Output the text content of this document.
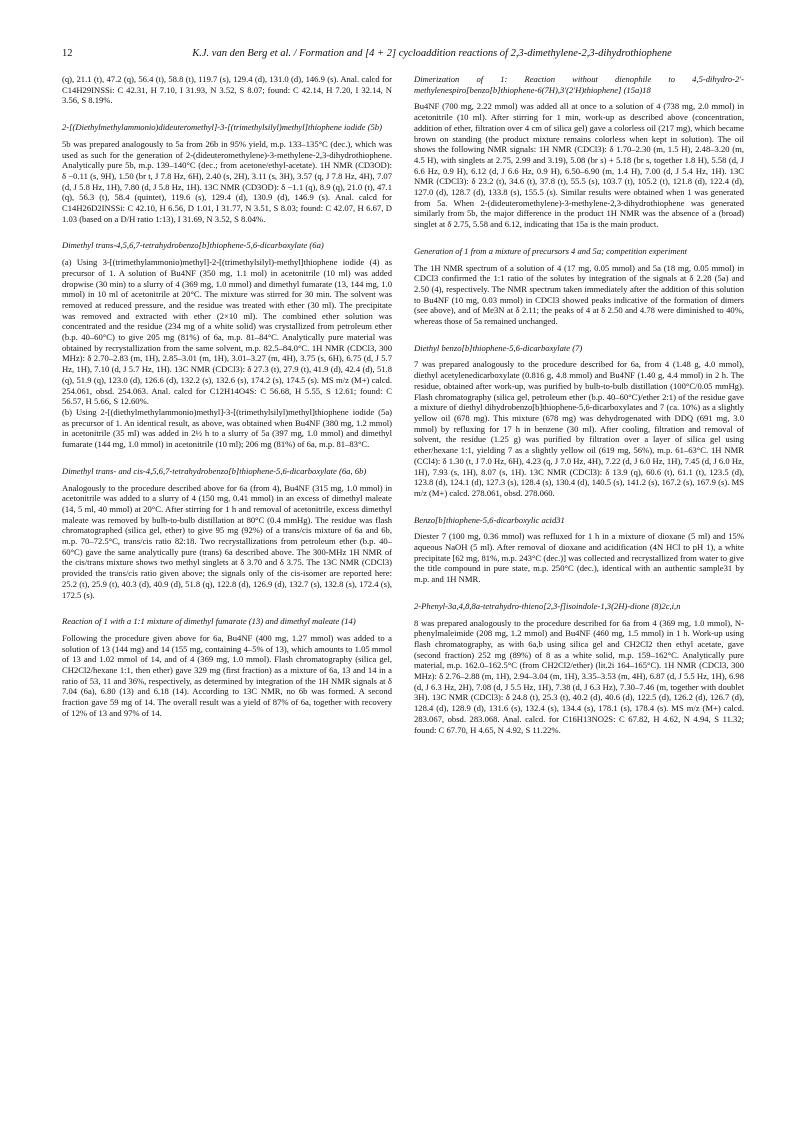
12	K.J. van den Berg et al. / Formation and [4 + 2] cycloaddition reactions of 2,3-dimethylene-2,3-dihydrothiophene

(q), 21.1 (t), 47.2 (q), 56.4 (t), 58.8 (t), 119.7 (s), 129.4 (d), 131.0 (d), 146.9 (s). Anal. calcd for C14H29INSSi: C 42.31, H 7.10, I 31.93, N 3.52, S 8.07; found: C 42.14, H 7.20, I 32.14, N 3.56, S 8.19%.

2-[(Diethylmethylammonio)dideuteromethyl]-3-[(trimethylsilyl)methyl]thiophene iodide (5b)

5b was prepared analogously to 5a from 26b in 95% yield, m.p. 133–135°C (dec.), which was used as such for the generation of 2-(dideuteromethylene)-3-methylene-2,3-dihydrothiophene. Analytically pure 5b, m.p. 139–140°C (dec.; from acetone/ethyl-acetate). 1H NMR (CD3OD): δ −0.11 (s, 9H), 1.50 (br t, J 7.8 Hz, 6H), 2.40 (s, 2H), 3.11 (s, 3H), 3.57 (q, J 7.8 Hz, 4H), 7.07 (d, J 5.8 Hz, 1H), 7.80 (d, J 5.8 Hz, 1H). 13C NMR (CD3OD): δ −1.1 (q), 8.9 (q), 21.0 (t), 47.1 (q), 56.3 (t), 58.4 (quintet), 119.6 (s), 129.4 (d), 130.9 (d), 146.9 (s). Anal. calcd for C14H26D2INSSi: C 42.10, H 6.56, D 1.01, I 31.77, N 3.51, S 8.03; found: C 42.07, H 6.67, D 1.03 (based on a D/H ratio 1:13), I 31.69, N 3.52, S 8.04%.

Dimethyl trans-4,5,6,7-tetrahydrobenzo[b]thiophene-5,6-dicarboxylate (6a)

(a) Using 3-[(trimethylammonio)methyl]-2-[(trimethylsilyl)-methyl]thiophene iodide (4) as precursor of 1. A solution of Bu4NF (350 mg, 1.1 mol) in acetonitrile (10 ml) was added dropwise (30 min) to a slurry of 4 (369 mg, 1.0 mmol) and dimethyl fumarate (13, 144 mg, 1.0 mmol) in 10 ml of acetonitrile at 20°C. The mixture was stirred for 30 min. The solvent was removed at reduced pressure, and the residue was treated with ether (30 ml). The precipitate was removed and extracted with ether (2×10 ml). The combined ether solution was concentrated and the residue (234 mg of a white solid) was crystallized from petroleum ether (b.p. 40–60°C) to give 205 mg (81%) of 6a, m.p. 81–84°C. Analytically pure material was obtained by recrystallization from the same solvent, m.p. 82.5–84.0°C. 1H NMR (CDCl3, 300 MHz): δ 2.70–2.83 (m, 1H), 2.85–3.01 (m, 1H), 3.01–3.27 (m, 4H), 3.75 (s, 6H), 6.75 (d, J 5.7 Hz, 1H), 7.10 (d, J 5.7 Hz, 1H). 13C NMR (CDCl3): δ 27.3 (t), 27.9 (t), 41.9 (d), 42.4 (d), 51.8 (q), 51.9 (q), 123.0 (d), 126.6 (d), 132.2 (s), 132.6 (s), 174.2 (s), 174.5 (s). MS m/z (M+) calcd. 254.061, obsd. 254.063. Anal. calcd for C12H14O4S: C 56.68, H 5.55, S 12.61; found: C 56.57, H 5.66, S 12.60%.

(b) Using 2-[(diethylmethylammonio)methyl]-3-[(trimethylsilyl)methyl]thiophene iodide (5a) as precursor of 1. An identical result, as above, was obtained when Bu4NF (380 mg, 1.2 mmol) in acetonitrile (35 ml) was added in 2½ h to a slurry of 5a (397 mg, 1.0 mmol) and dimethyl fumarate (144 mg, 1.0 mmol) in acetonitrile (10 ml); 206 mg (81%) of 6a, m.p. 81–83°C.

Dimethyl trans- and cis-4,5,6,7-tetrahydrobenzo[b]thiophene-5,6-dicarboxylate (6a, 6b)

Analogously to the procedure described above for 6a (from 4), Bu4NF (315 mg, 1.0 mmol) in acetonitrile was added to a slurry of 4 (150 mg, 0.41 mmol) in an excess of dimethyl maleate (14, 5 ml, 40 mmol) at 20°C. After stirring for 1 h and removal of acetonitrile, excess dimethyl maleate was removed by bulb-to-bulb distillation at 80°C (0.4 mmHg). The residue was flash chromatographed (silica gel, ether) to give 95 mg (92%) of a trans/cis mixture of 6a and 6b, m.p. 70–72.5°C, trans/cis ratio 82:18. Two recrystallizations from petroleum ether (b.p. 40–60°C) gave the same analytically pure (trans) 6a described above. The 300-MHz 1H NMR of the cis/trans mixture shows two methyl singlets at δ 3.70 and δ 3.75. The 13C NMR (CDCl3) provided the trans/cis ratio given above; the signals only of the cis-isomer are reported here: 25.2 (t), 25.9 (t), 40.3 (d), 40.9 (d), 51.8 (q), 122.8 (d), 126.9 (d), 132.7 (s), 132.8 (s), 172.4 (s), 172.5 (s).

Reaction of 1 with a 1:1 mixture of dimethyl fumarate (13) and dimethyl maleate (14)

Following the procedure given above for 6a, Bu4NF (400 mg, 1.27 mmol) was added to a solution of 13 (144 mg) and 14 (155 mg, containing 4–5% of 13), which amounts to 1.05 mmol of 13 and 1.02 mmol of 14, and of 4 (369 mg, 1.0 mmol). Flash chromatography (silica gel, CH2Cl2/hexane 1:1, then ether) gave 329 mg (first fraction) as a mixture of 6a, 13 and 14 in a ratio of 53, 11 and 36%, respectively, as determined by integration of the 1H NMR signals at δ 7.04 (6a), 6.80 (13) and 6.18 (14). According to 13C NMR, no 6b was formed. A second fraction gave 59 mg of 14. The overall result was a yield of 87% of 6a, together with recovery of 12% of 13 and 97% of 14.

Dimerization of 1: Reaction without dienophile to 4,5-dihydro-2'-methylenespiro[benzo[b]thiophene-6(7H),3'(2'H)thiophene] (15a)18

Bu4NF (700 mg, 2.22 mmol) was added all at once to a solution of 4 (738 mg, 2.0 mmol) in acetonitrile (10 ml). After stirring for 1 min, work-up as described above (concentration, addition of ether, filtration over 4 cm of silica gel) gave a colorless oil (217 mg), which became brown on standing (the product mixture remains colorless when kept in solution). The oil shows the following NMR signals: 1H NMR (CDCl3): δ 1.70–2.30 (m, 1.5 H), 2.48–3.20 (m, 4.5 H), with singlets at 2.75, 2.99 and 3.19), 5.08 (br s) + 5.18 (br s, together 1.8 H), 5.58 (d, J 6.6 Hz, 0.9 H), 6.12 (d, J 6.6 Hz, 0.9 H), 6.50–6.90 (m, 1.4 H), 7.00 (d, J 5.4 Hz, 1H). 13C NMR (CDCl3): δ 23.2 (t), 34.6 (t), 37.8 (t), 55.5 (s), 103.7 (t), 105.2 (t), 121.8 (d), 122.4 (d), 127.0 (d), 128.7 (d), 133.8 (s), 155.5 (s). Similar results were obtained when 1 was generated from 5a. When 2-(dideuteromethylene)-3-methylene-2,3-dihydrothiophene was generated similarly from 5b, the major difference in the product 1H NMR was the absence of a (broad) singlet at δ 2.75, 5.58 and 6.12, indicating that 15a is the main product.

Generation of 1 from a mixture of precursors 4 and 5a; competition experiment

The 1H NMR spectrum of a solution of 4 (17 mg, 0.05 mmol) and 5a (18 mg, 0.05 mmol) in CDCl3 confirmed the 1:1 ratio of the solutes by integration of the signals at δ 2.28 (5a) and 2.50 (4), respectively. The NMR spectrum taken immediately after the addition of this solution to Bu4NF (10 mg, 0.03 mmol) in CDCl3 showed peaks indicative of the formation of dimers (see above), and of Me3N at δ 2.11; the peaks of 4 at δ 2.50 and 4.78 were diminished to 40%, whereas those of 5a remained unchanged.

Diethyl benzo[b]thiophene-5,6-dicarboxylate (7)

7 was prepared analogously to the procedure described for 6a, from 4 (1.48 g, 4.0 mmol), diethyl acetylenedicarboxylate (0.816 g, 4.8 mmol) and Bu4NF (1.40 g, 4.4 mmol) in 2 h. The residue, obtained after work-up, was purified by bulb-to-bulb distillation (100°C/0.05 mmHg). Flash chromatography (silica gel, petroleum ether (b.p. 40–60°C)/ether 2:1) of the residue gave a mixture of diethyl dihydrobenzo[b]thiophene-5,6-dicarboxylates and 7 (ca. 10%) as a slightly yellow oil (678 mg). This mixture (678 mg) was dehydrogenated with DDQ (691 mg, 3.0 mmol) by refluxing for 17 h in benzene (30 ml). After cooling, filtration and removal of solvent, the residue (1.25 g) was purified by filtration over a layer of silica gel using ether/hexane 1:1, yielding 7 as a slightly yellow oil (619 mg, 56%), m.p. 61–63°C. 1H NMR (CCl4): δ 1.30 (t, J 7.0 Hz, 6H), 4.23 (q, J 7.0 Hz, 4H), 7.22 (d, J 6.0 Hz, 1H), 7.45 (d, J 6.0 Hz, 1H), 7.93 (s, 1H), 8.07 (s, 1H). 13C NMR (CDCl3): δ 13.9 (q), 60.6 (t), 61.1 (t), 123.5 (d), 123.8 (d), 124.1 (d), 127.3 (s), 128.4 (s), 130.4 (d), 140.5 (s), 141.2 (s), 167.2 (s), 167.9 (s). MS m/z (M+) calcd. 278.061, obsd. 278.060.

Benzo[b]thiophene-5,6-dicarboxylic acid31

Diester 7 (100 mg, 0.36 mmol) was refluxed for 1 h in a mixture of dioxane (5 ml) and 15% aqueous NaOH (5 ml). After removal of dioxane and acidification (4N HCl to pH 1), a white precipitate [62 mg, 81%, m.p. 243°C (dec.)] was collected and recrystallized from water to give the title compound in pure state, m.p. 250°C (dec.), identical with an authentic sample31 by m.p. and 1H NMR.

2-Phenyl-3a,4,8,8a-tetrahydro-thieno[2,3-f]isoindole-1,3(2H)-dione (8)2c,i,n

8 was prepared analogously to the procedure described for 6a from 4 (369 mg, 1.0 mmol), N-phenylmaleimide (208 mg, 1.2 mmol) and Bu4NF (460 mg, 1.5 mmol) in 1 h. Work-up using flash chromatography, as with 6a,b using silica gel and CH2Cl2 then ethyl acetate, gave (second fraction) 252 mg (89%) of 8 as a white solid, m.p. 159–162°C. Analytically pure material, m.p. 162.0–162.5°C (from CH2Cl2/ether) (lit.2i 164–165°C). 1H NMR (CDCl3, 300 MHz): δ 2.76–2.88 (m, 1H), 2.94–3.04 (m, 1H), 3.35–3.53 (m, 4H), 6.87 (d, J 5.5 Hz, 1H), 6.98 (d, J 6.3 Hz, 2H), 7.08 (d, J 5.5 Hz, 1H), 7.38 (d, J 6.3 Hz), 7.30–7.46 (m, together with doublet 3H). 13C NMR (CDCl3): δ 24.8 (t), 25.3 (t), 40.2 (d), 40.6 (d), 122.5 (d), 126.2 (d), 126.7 (d), 128.4 (d), 128.9 (d), 131.6 (s), 132.4 (s), 134.4 (s), 178.1 (s), 178.4 (s). MS m/z (M+) calcd. 283.067, obsd. 283.068. Anal. calcd. for C16H13NO2S: C 67.82, H 4.62, N 4.94, S 11.32; found: C 67.70, H 4.65, N 4.92, S 11.22%.
